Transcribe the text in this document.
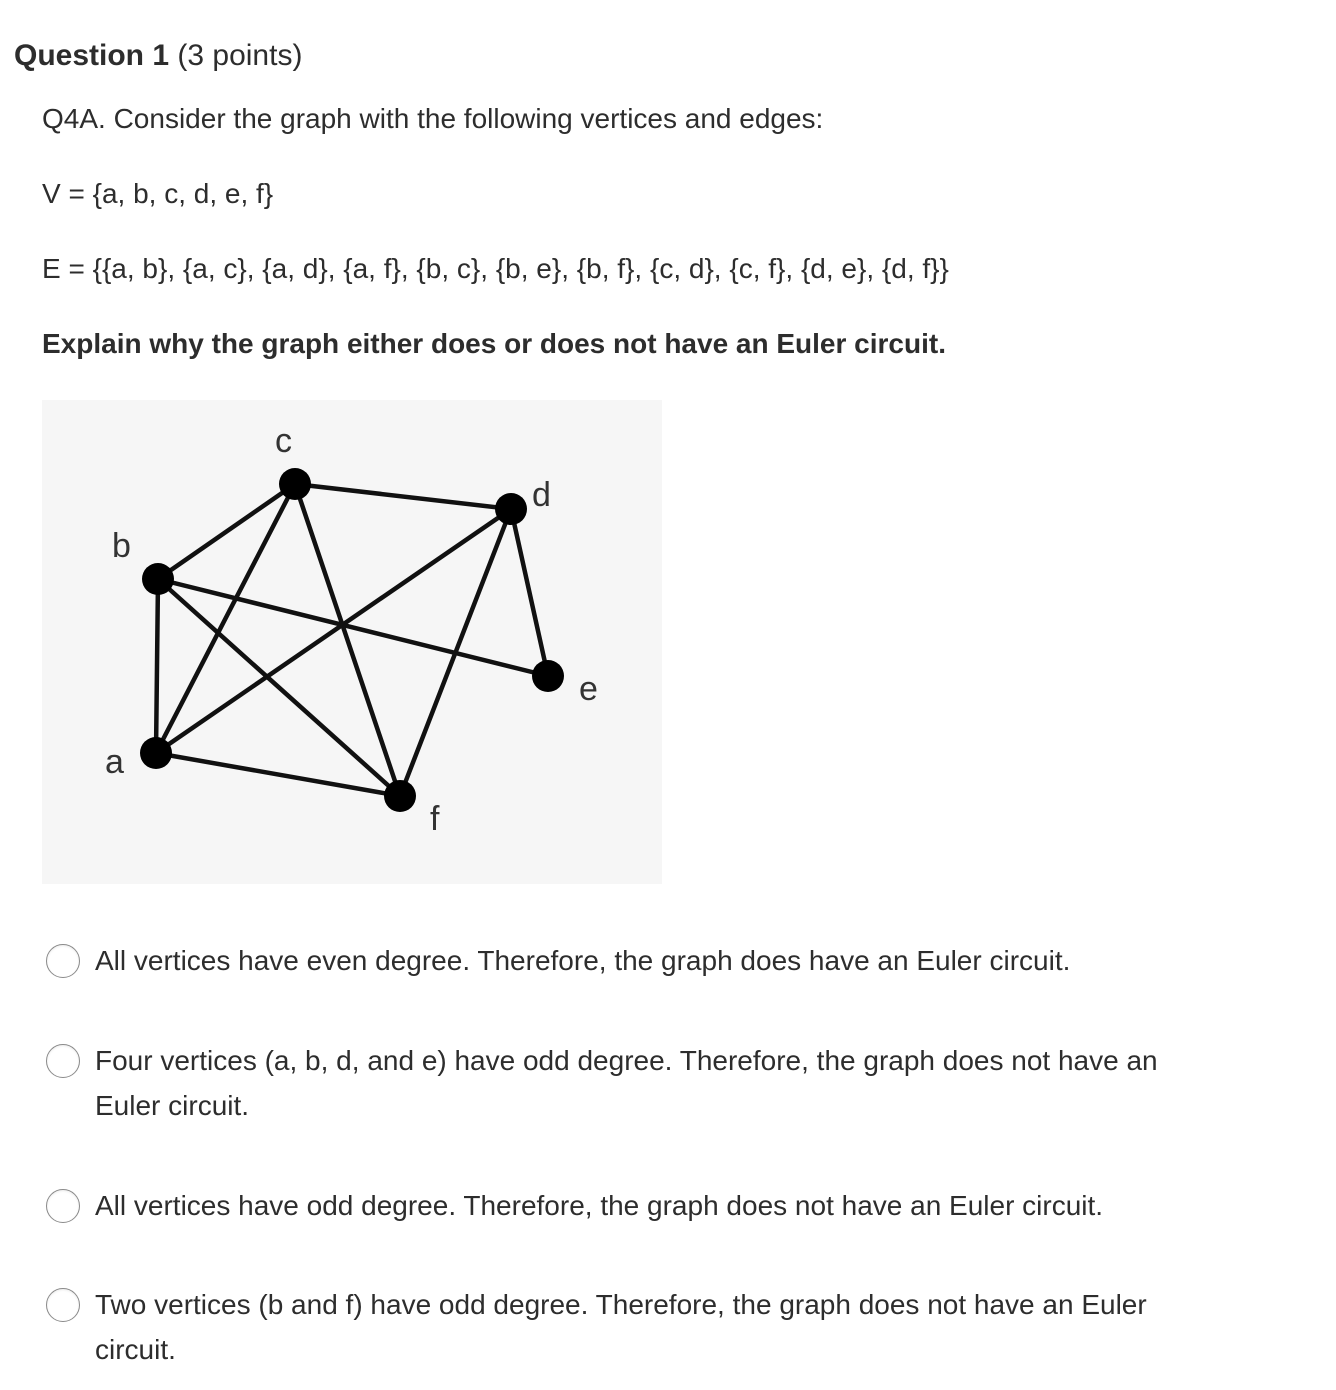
Question 1 (3 points)
Q4A. Consider the graph with the following vertices and edges:
V = {a, b, c, d, e, f}
E = {{a, b}, {a, c}, {a, d}, {a, f}, {b, c}, {b, e}, {b, f}, {c, d}, {c, f}, {d, e}, {d, f}}
Explain why the graph either does or does not have an Euler circuit.
c
d
b
e
a
f
All vertices have even degree. Therefore, the graph does have an Euler circuit.
Four vertices (a, b, d, and e) have odd degree. Therefore, the graph does not have an Euler circuit.
All vertices have odd degree. Therefore, the graph does not have an Euler circuit.
Two vertices (b and f) have odd degree. Therefore, the graph does not have an Euler circuit.
